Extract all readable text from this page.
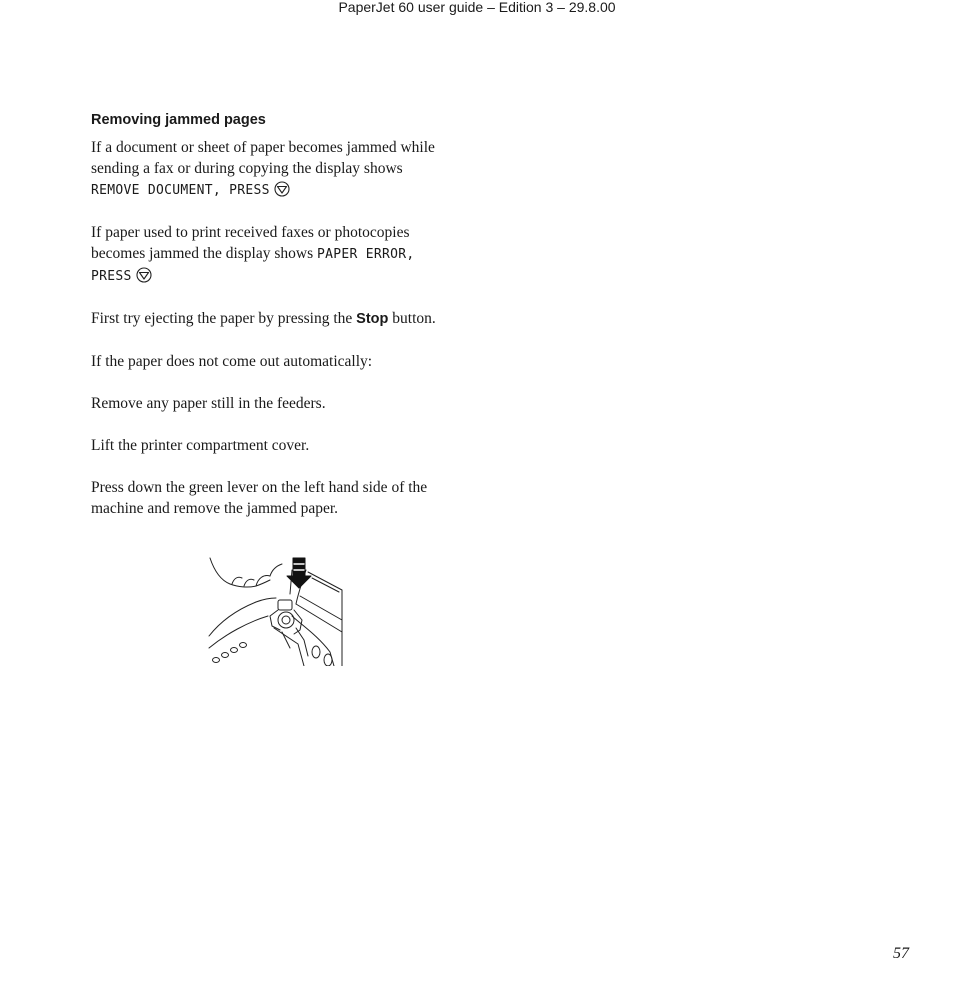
PaperJet 60 user guide – Edition 3 – 29.8.00
Removing jammed pages

If a document or sheet of paper becomes jammed while sending a fax or during copying the display shows REMOVE DOCUMENT, PRESS

If paper used to print received faxes or photocopies becomes jammed the display shows PAPER ERROR, PRESS

First try ejecting the paper by pressing the Stop button.

If the paper does not come out automatically:

Remove any paper still in the feeders.

Lift the printer compartment cover.

Press down the green lever on the left hand side of the machine and remove the jammed paper.

57
